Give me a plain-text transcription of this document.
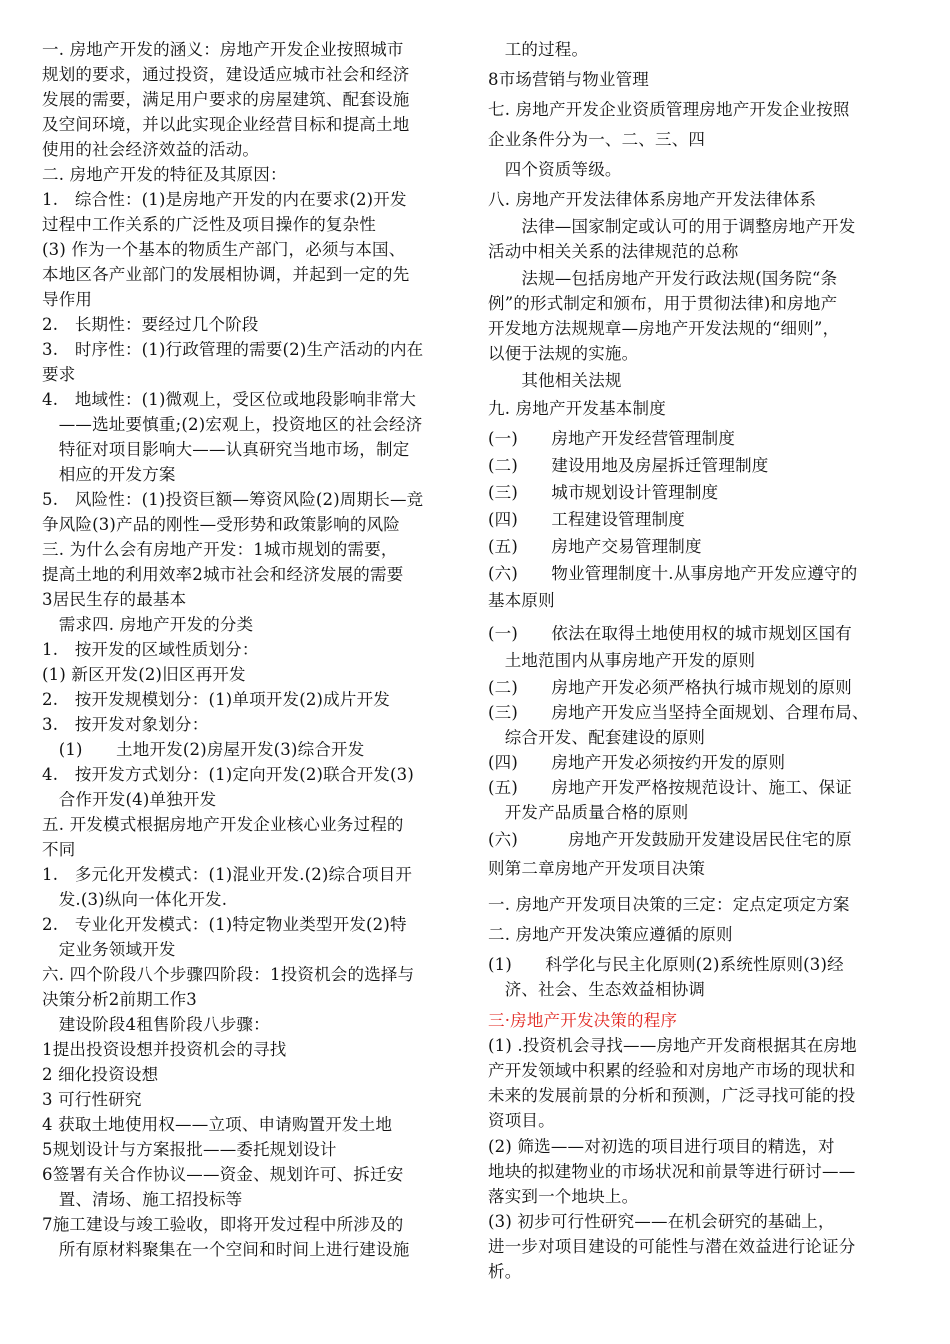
一. 房地产开发的涵义：房地产开发企业按照城市
规划的要求，通过投资，建设适应城市社会和经济
发展的需要，满足用户要求的房屋建筑、配套设施
及空间环境，并以此实现企业经营目标和提高土地
使用的社会经济效益的活动。
二. 房地产开发的特征及其原因：
1.　综合性：(1)是房地产开发的内在要求(2)开发
过程中工作关系的广泛性及项目操作的复杂性
(3) 作为一个基本的物质生产部门，必须与本国、
本地区各产业部门的发展相协调，并起到一定的先
导作用
2.　长期性：要经过几个阶段
3.　时序性：(1)行政管理的需要(2)生产活动的内在
要求
4.　地域性：(1)微观上，受区位或地段影响非常大
　——选址要慎重;(2)宏观上，投资地区的社会经济
　特征对项目影响大——认真研究当地市场，制定
　相应的开发方案
5.　风险性：(1)投资巨额—筹资风险(2)周期长—竞
争风险(3)产品的刚性—受形势和政策影响的风险
三. 为什么会有房地产开发：1城市规划的需要，
提高土地的利用效率2城市社会和经济发展的需要
3居民生存的最基本
　需求四. 房地产开发的分类
1.　按开发的区域性质划分：
(1) 新区开发(2)旧区再开发
2.　按开发规模划分：(1)单项开发(2)成片开发
3.　按开发对象划分：
　(1)　　土地开发(2)房屋开发(3)综合开发
4.　按开发方式划分：(1)定向开发(2)联合开发(3)
　合作开发(4)单独开发
五. 开发模式根据房地产开发企业核心业务过程的
不同
1.　多元化开发模式：(1)混业开发.(2)综合项目开
　发.(3)纵向一体化开发.
2.　专业化开发模式：(1)特定物业类型开发(2)特
　定业务领域开发
六. 四个阶段八个步骤四阶段：1投资机会的选择与
决策分析2前期工作3
　建设阶段4租售阶段八步骤：
1提出投资设想并投资机会的寻找
2 细化投资设想
3 可行性研究
4 获取土地使用权——立项、申请购置开发土地
5规划设计与方案报批——委托规划设计
6签署有关合作协议——资金、规划许可、拆迁安
　置、清场、施工招投标等
7施工建设与竣工验收，即将开发过程中所涉及的
　所有原材料聚集在一个空间和时间上进行建设施
　工的过程。
8市场营销与物业管理
七. 房地产开发企业资质管理房地产开发企业按照
企业条件分为一、二、三、四
　四个资质等级。
八. 房地产开发法律体系房地产开发法律体系
　　法律—国家制定或认可的用于调整房地产开发
活动中相关关系的法律规范的总称
　　法规—包括房地产开发行政法规(国务院“条
例”的形式制定和颁布，用于贯彻法律)和房地产
开发地方法规规章—房地产开发法规的“细则”，
以便于法规的实施。
　　其他相关法规
九. 房地产开发基本制度
(一)　　房地产开发经营管理制度
(二)　　建设用地及房屋拆迁管理制度
(三)　　城市规划设计管理制度
(四)　　工程建设管理制度
(五)　　房地产交易管理制度
(六)　　物业管理制度十.从事房地产开发应遵守的
基本原则
(一)　　依法在取得土地使用权的城市规划区国有
　土地范围内从事房地产开发的原则
(二)　　房地产开发必须严格执行城市规划的原则
(三)　　房地产开发应当坚持全面规划、合理布局、
　综合开发、配套建设的原则
(四)　　房地产开发必须按约开发的原则
(五)　　房地产开发严格按规范设计、施工、保证
　开发产品质量合格的原则
(六)　　　房地产开发鼓励开发建设居民住宅的原
则第二章房地产开发项目决策
一. 房地产开发项目决策的三定：定点定项定方案
二. 房地产开发决策应遵循的原则
(1)　　科学化与民主化原则(2)系统性原则(3)经
　济、社会、生态效益相协调
三·房地产开发决策的程序
(1) .投资机会寻找——房地产开发商根据其在房地
产开发领域中积累的经验和对房地产市场的现状和
未来的发展前景的分析和预测，广泛寻找可能的投
资项目。
(2) 筛选——对初选的项目进行项目的精选，对
地块的拟建物业的市场状况和前景等进行研讨——
落实到一个地块上。
(3) 初步可行性研究——在机会研究的基础上，
进一步对项目建设的可能性与潜在效益进行论证分
析。
